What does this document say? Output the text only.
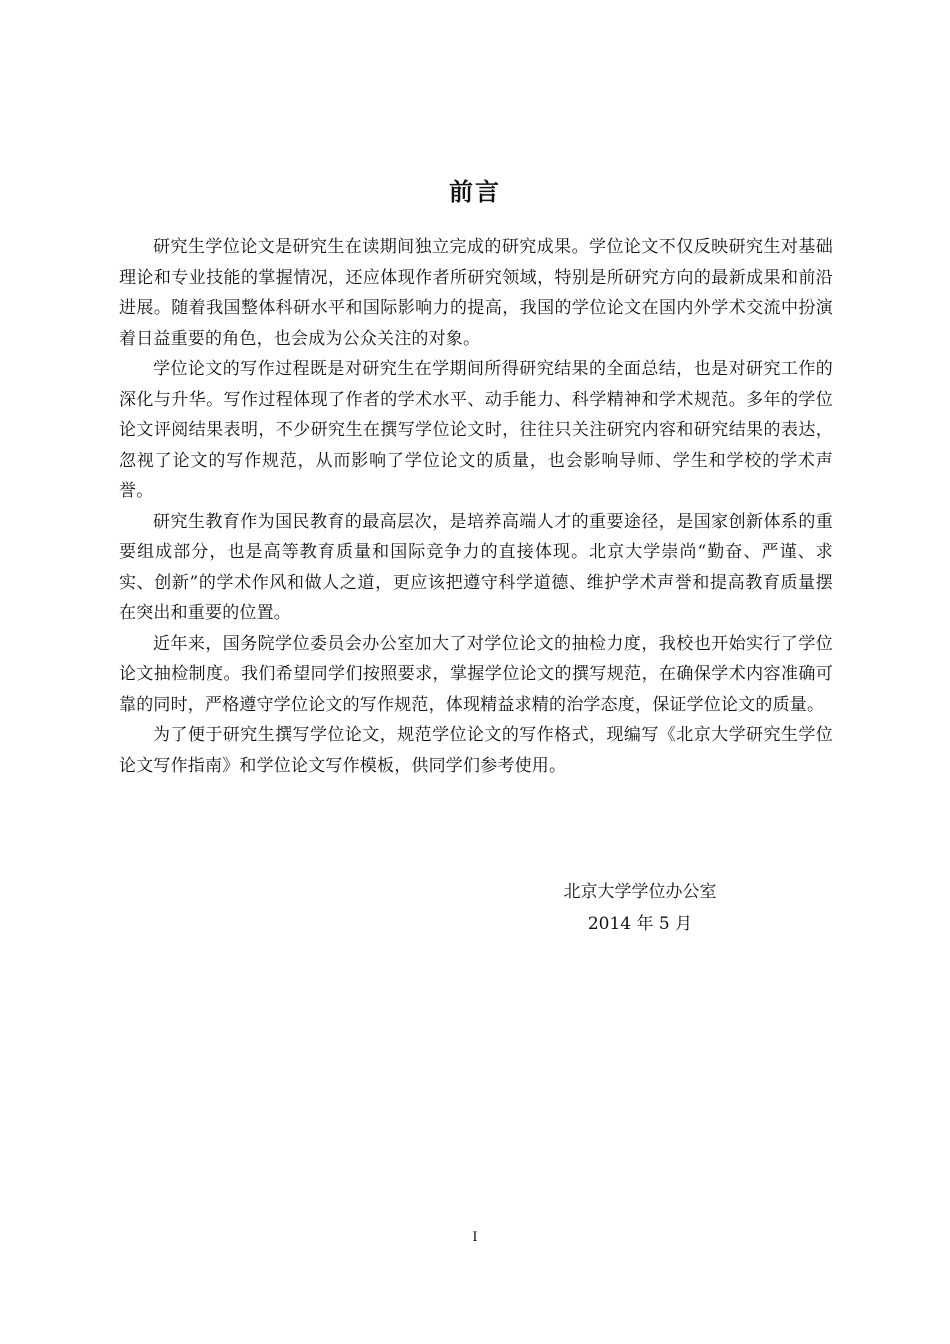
前言

研究生学位论文是研究生在读期间独立完成的研究成果。学位论文不仅反映研究生对基础理论和专业技能的掌握情况，还应体现作者所研究领域，特别是所研究方向的最新成果和前沿进展。随着我国整体科研水平和国际影响力的提高，我国的学位论文在国内外学术交流中扮演着日益重要的角色，也会成为公众关注的对象。

学位论文的写作过程既是对研究生在学期间所得研究结果的全面总结，也是对研究工作的深化与升华。写作过程体现了作者的学术水平、动手能力、科学精神和学术规范。多年的学位论文评阅结果表明，不少研究生在撰写学位论文时，往往只关注研究内容和研究结果的表达，忽视了论文的写作规范，从而影响了学位论文的质量，也会影响导师、学生和学校的学术声誉。

研究生教育作为国民教育的最高层次，是培养高端人才的重要途径，是国家创新体系的重要组成部分，也是高等教育质量和国际竞争力的直接体现。北京大学崇尚“勤奋、严谨、求实、创新”的学术作风和做人之道，更应该把遵守科学道德、维护学术声誉和提高教育质量摆在突出和重要的位置。

近年来，国务院学位委员会办公室加大了对学位论文的抽检力度，我校也开始实行了学位论文抽检制度。我们希望同学们按照要求，掌握学位论文的撰写规范，在确保学术内容准确可靠的同时，严格遵守学位论文的写作规范，体现精益求精的治学态度，保证学位论文的质量。

为了便于研究生撰写学位论文，规范学位论文的写作格式，现编写《北京大学研究生学位论文写作指南》和学位论文写作模板，供同学们参考使用。

北京大学学位办公室
2014 年 5 月
I
